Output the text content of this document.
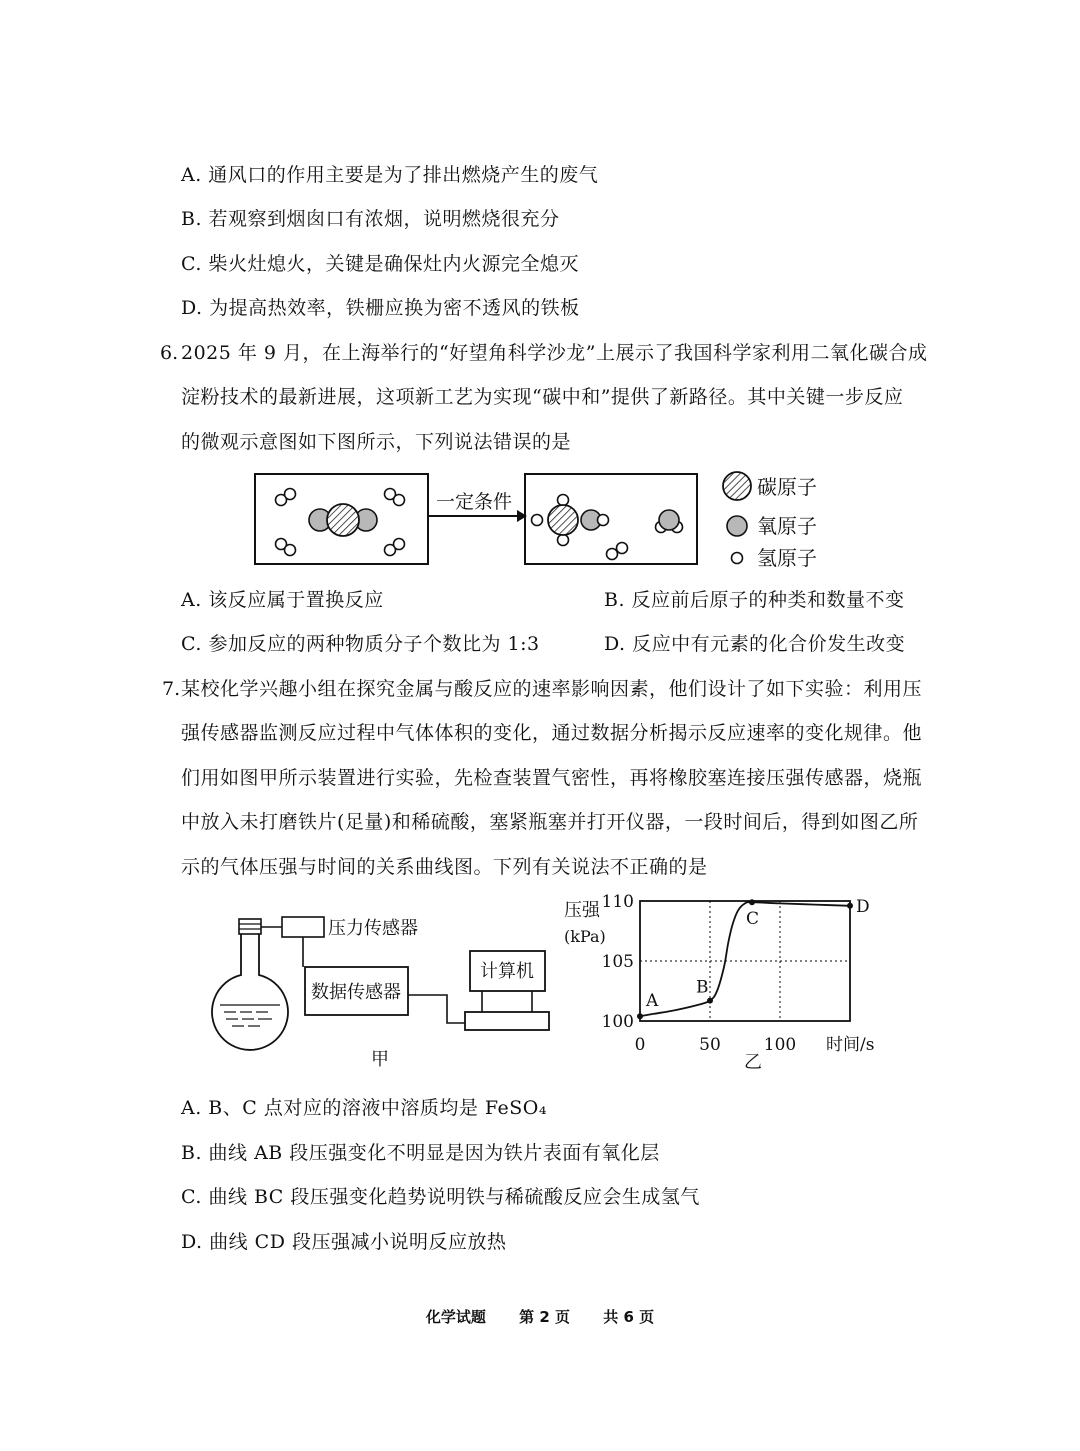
A. 通风口的作用主要是为了排出燃烧产生的废气
B. 若观察到烟囱口有浓烟，说明燃烧很充分
C. 柴火灶熄火，关键是确保灶内火源完全熄灭
D. 为提高热效率，铁栅应换为密不透风的铁板
6. 2025 年 9 月，在上海举行的“好望角科学沙龙”上展示了我国科学家利用二氧化碳合成
淀粉技术的最新进展，这项新工艺为实现“碳中和”提供了新路径。其中关键一步反应
的微观示意图如下图所示，下列说法错误的是
一定条件
碳原子
氧原子
氢原子
A. 该反应属于置换反应	B. 反应前后原子的种类和数量不变
C. 参加反应的两种物质分子个数比为 1:3	D. 反应中有元素的化合价发生改变
7. 某校化学兴趣小组在探究金属与酸反应的速率影响因素，他们设计了如下实验：利用压
强传感器监测反应过程中气体体积的变化，通过数据分析揭示反应速率的变化规律。他
们用如图甲所示装置进行实验，先检查装置气密性，再将橡胶塞连接压强传感器，烧瓶
中放入未打磨铁片(足量)和稀硫酸，塞紧瓶塞并打开仪器，一段时间后，得到如图乙所
示的气体压强与时间的关系曲线图。下列有关说法不正确的是
压力传感器
数据传感器
计算机
甲
压强
(kPa)
时间/s
乙
0	50	100
100
105
110
A
B
C
D
A. B、C 点对应的溶液中溶质均是 FeSO₄
B. 曲线 AB 段压强变化不明显是因为铁片表面有氧化层
C. 曲线 BC 段压强变化趋势说明铁与稀硫酸反应会生成氢气
D. 曲线 CD 段压强减小说明反应放热
化学试题 第 2 页 共 6 页
